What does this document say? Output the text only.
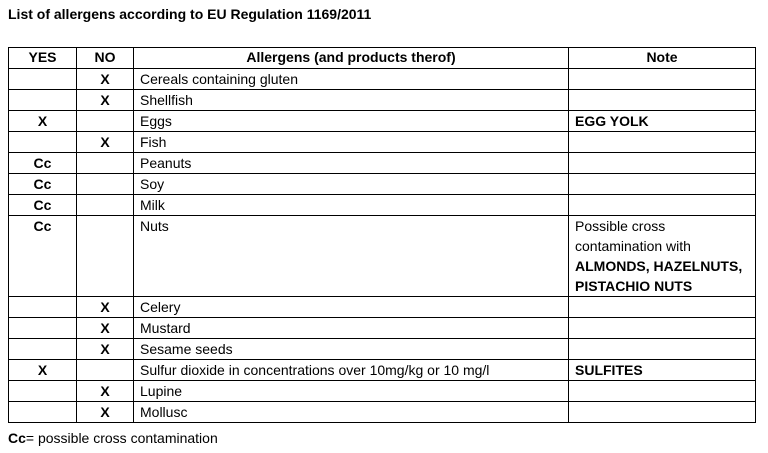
List of allergens according to EU Regulation 1169/2011
YES	NO	Allergens (and products therof)	Note
	X	Cereals containing gluten	
	X	Shellfish	
X		Eggs	EGG YOLK

	X	Fish	
Cc		Peanuts	
Cc		Soy	
Cc		Milk	
Cc		Nuts	Possible cross
contamination with
ALMONDS, HAZELNUTS,
PISTACHIO NUTS

	X	Celery	
	X	Mustard	
	X	Sesame seeds	
X		Sulfur dioxide in concentrations over 10mg/kg or 10 mg/l	SULFITES

	X	Lupine	
	X	Mollusc	
Cc= possible cross contamination
